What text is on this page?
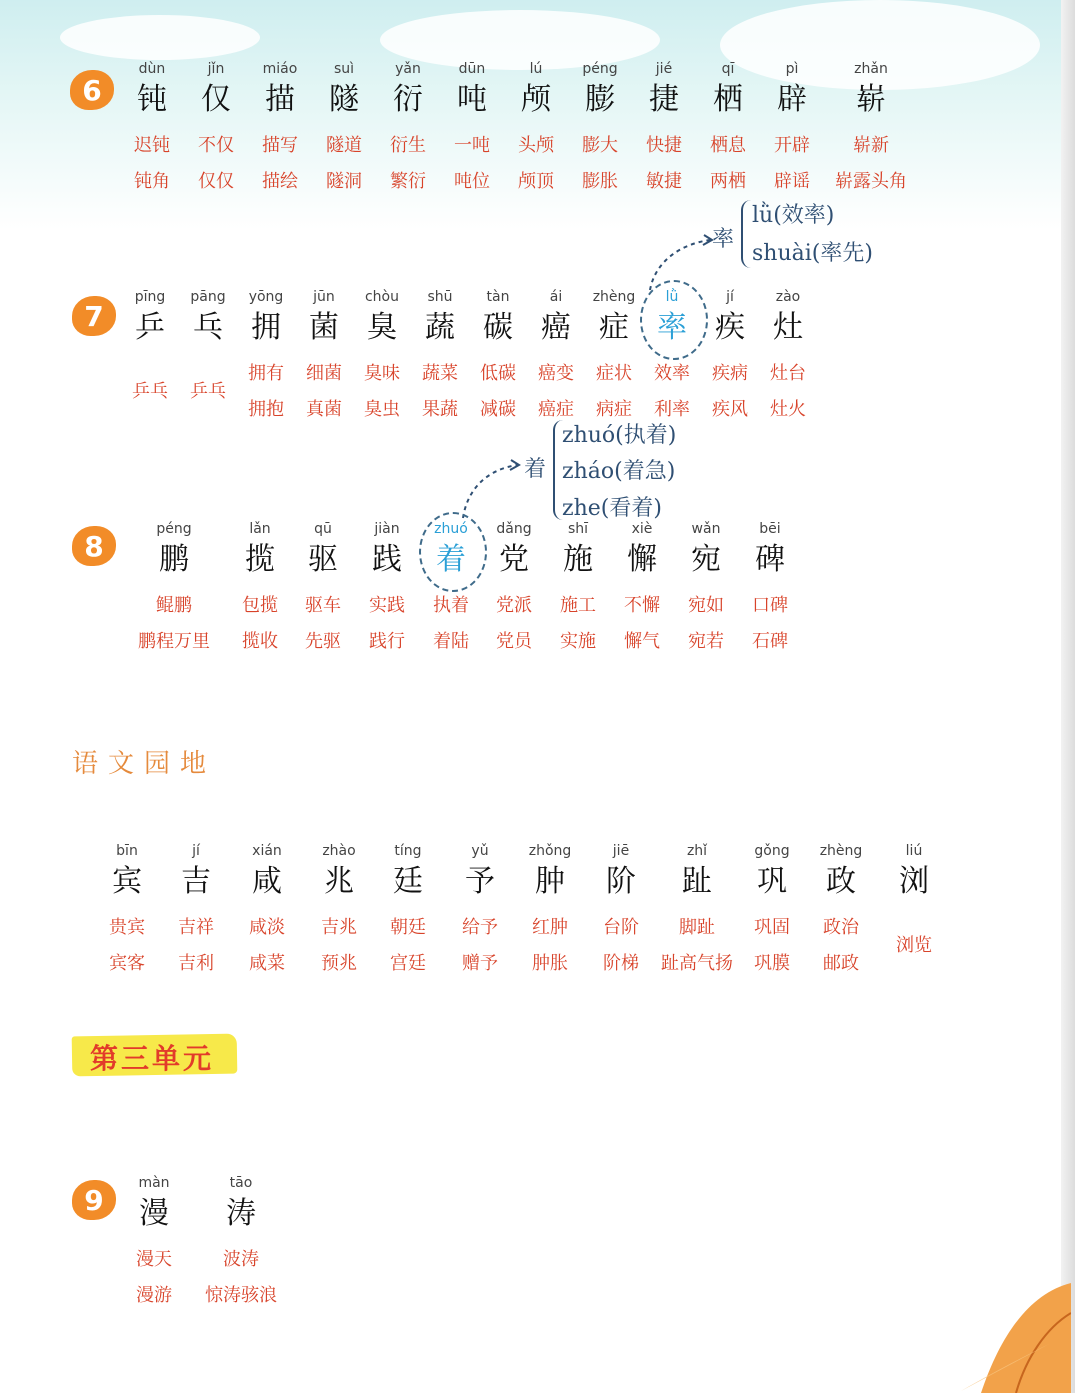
6
dùn
钝
迟钝
钝角
jǐn
仅
不仅
仅仅
miáo
描
描写
描绘
suì
隧
隧道
隧洞
yǎn
衍
衍生
繁衍
dūn
吨
一吨
吨位
lú
颅
头颅
颅顶
péng
膨
膨大
膨胀
jié
捷
快捷
敏捷
qī
栖
栖息
两栖
pì
辟
开辟
辟谣
zhǎn
崭
崭新
崭露头角
率
lǜ(效率)
shuài(率先)
7
pīng
乒
乒乓
pāng
乓
乒乓
yōng
拥
拥有
拥抱
jūn
菌
细菌
真菌
chòu
臭
臭味
臭虫
shū
蔬
蔬菜
果蔬
tàn
碳
低碳
减碳
ái
癌
癌变
癌症
zhèng
症
症状
病症
lǜ
率
效率
利率
jí
疾
疾病
疾风
zào
灶
灶台
灶火
着
zhuó(执着)
zháo(着急)
zhe(看着)
8
péng
鹏
鲲鹏
鹏程万里
lǎn
揽
包揽
揽收
qū
驱
驱车
先驱
jiàn
践
实践
践行
zhuó
着
执着
着陆
dǎng
党
党派
党员
shī
施
施工
实施
xiè
懈
不懈
懈气
wǎn
宛
宛如
宛若
bēi
碑
口碑
石碑
语文园地
bīn
宾
贵宾
宾客
jí
吉
吉祥
吉利
xián
咸
咸淡
咸菜
zhào
兆
吉兆
预兆
tíng
廷
朝廷
宫廷
yǔ
予
给予
赠予
zhǒng
肿
红肿
肿胀
jiē
阶
台阶
阶梯
zhǐ
趾
脚趾
趾高气扬
gǒng
巩
巩固
巩膜
zhèng
政
政治
邮政
liú
浏
浏览
第三单元
9
màn
漫
漫天
漫游
tāo
涛
波涛
惊涛骇浪
